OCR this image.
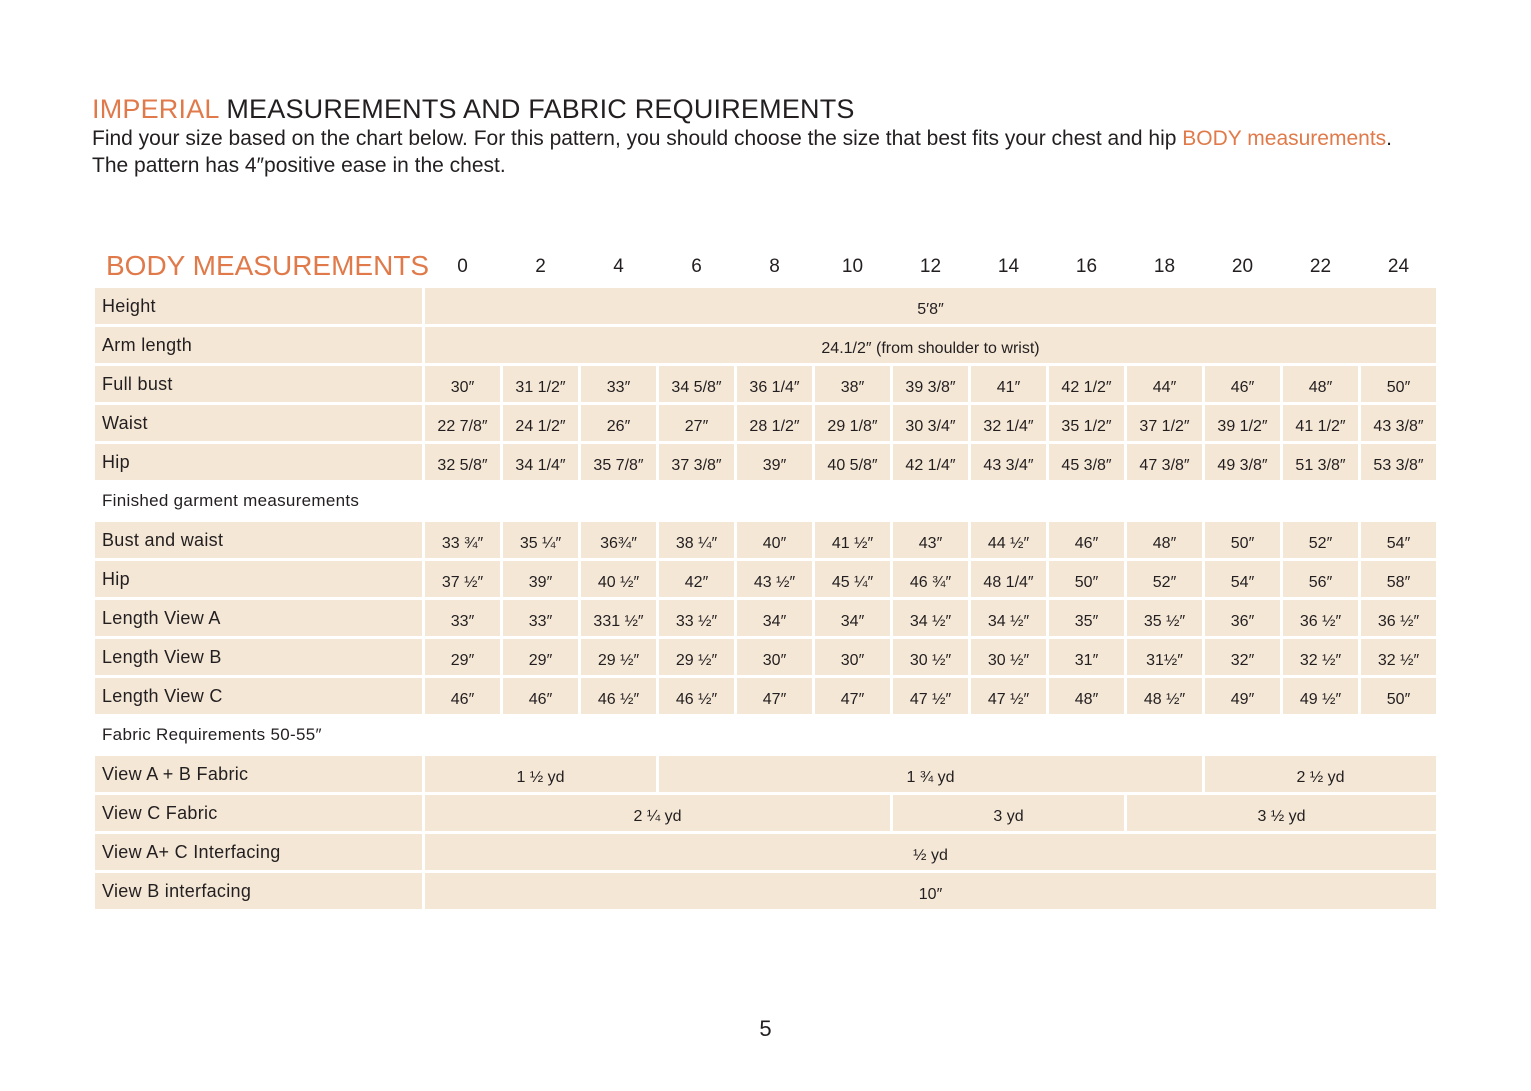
IMPERIAL MEASUREMENTS AND FABRIC REQUIREMENTS

Find your size based on the chart below. For this pattern, you should choose the size that best fits your chest and hip BODY measurements. The pattern has 4″positive ease in the chest.

BODY MEASUREMENTS
	0	2	4	6	8	10	12	14	16	18	20	22	24
Height	5′8″												
Arm length	24.1/2″ (from shoulder to wrist)												
Full bust	30″	31 1/2″	33″	34 5/8″	36 1/4″	38″	39 3/8″	41″	42 1/2″	44″	46″	48″	50″
Waist	22 7/8″	24 1/2″	26″	27″	28 1/2″	29 1/8″	30 3/4″	32 1/4″	35 1/2″	37 1/2″	39 1/2″	41 1/2″	43 3/8″
Hip	32 5/8″	34 1/4″	35 7/8″	37 3/8″	39″	40 5/8″	42 1/4″	43 3/4″	45 3/8″	47 3/8″	49 3/8″	51 3/8″	53 3/8″
Finished garment measurements													
Bust and waist	33 ¾″	35 ¼″	36¾″	38 ¼″	40″	41 ½″	43″	44 ½″	46″	48″	50″	52″	54″
Hip	37 ½″	39″	40 ½″	42″	43 ½″	45 ¼″	46 ¾″	48 1/4″	50″	52″	54″	56″	58″
Length View A	33″	33″	331 ½″	33 ½″	34″	34″	34 ½″	34 ½″	35″	35 ½″	36″	36 ½″	36 ½″
Length View B	29″	29″	29 ½″	29 ½″	30″	30″	30 ½″	30 ½″	31″	31½″	32″	32 ½″	32 ½″
Length View C	46″	46″	46 ½″	46 ½″	47″	47″	47 ½″	47 ½″	48″	48 ½″	49″	49 ½″	50″
Fabric Requirements 50-55″													
View A + B Fabric	1 ½ yd			1 ¾ yd							2 ½ yd		
View C Fabric	2 ¼ yd						3 yd			3 ½ yd			
View A+ C Interfacing	½ yd												
View B interfacing	10″												

5
